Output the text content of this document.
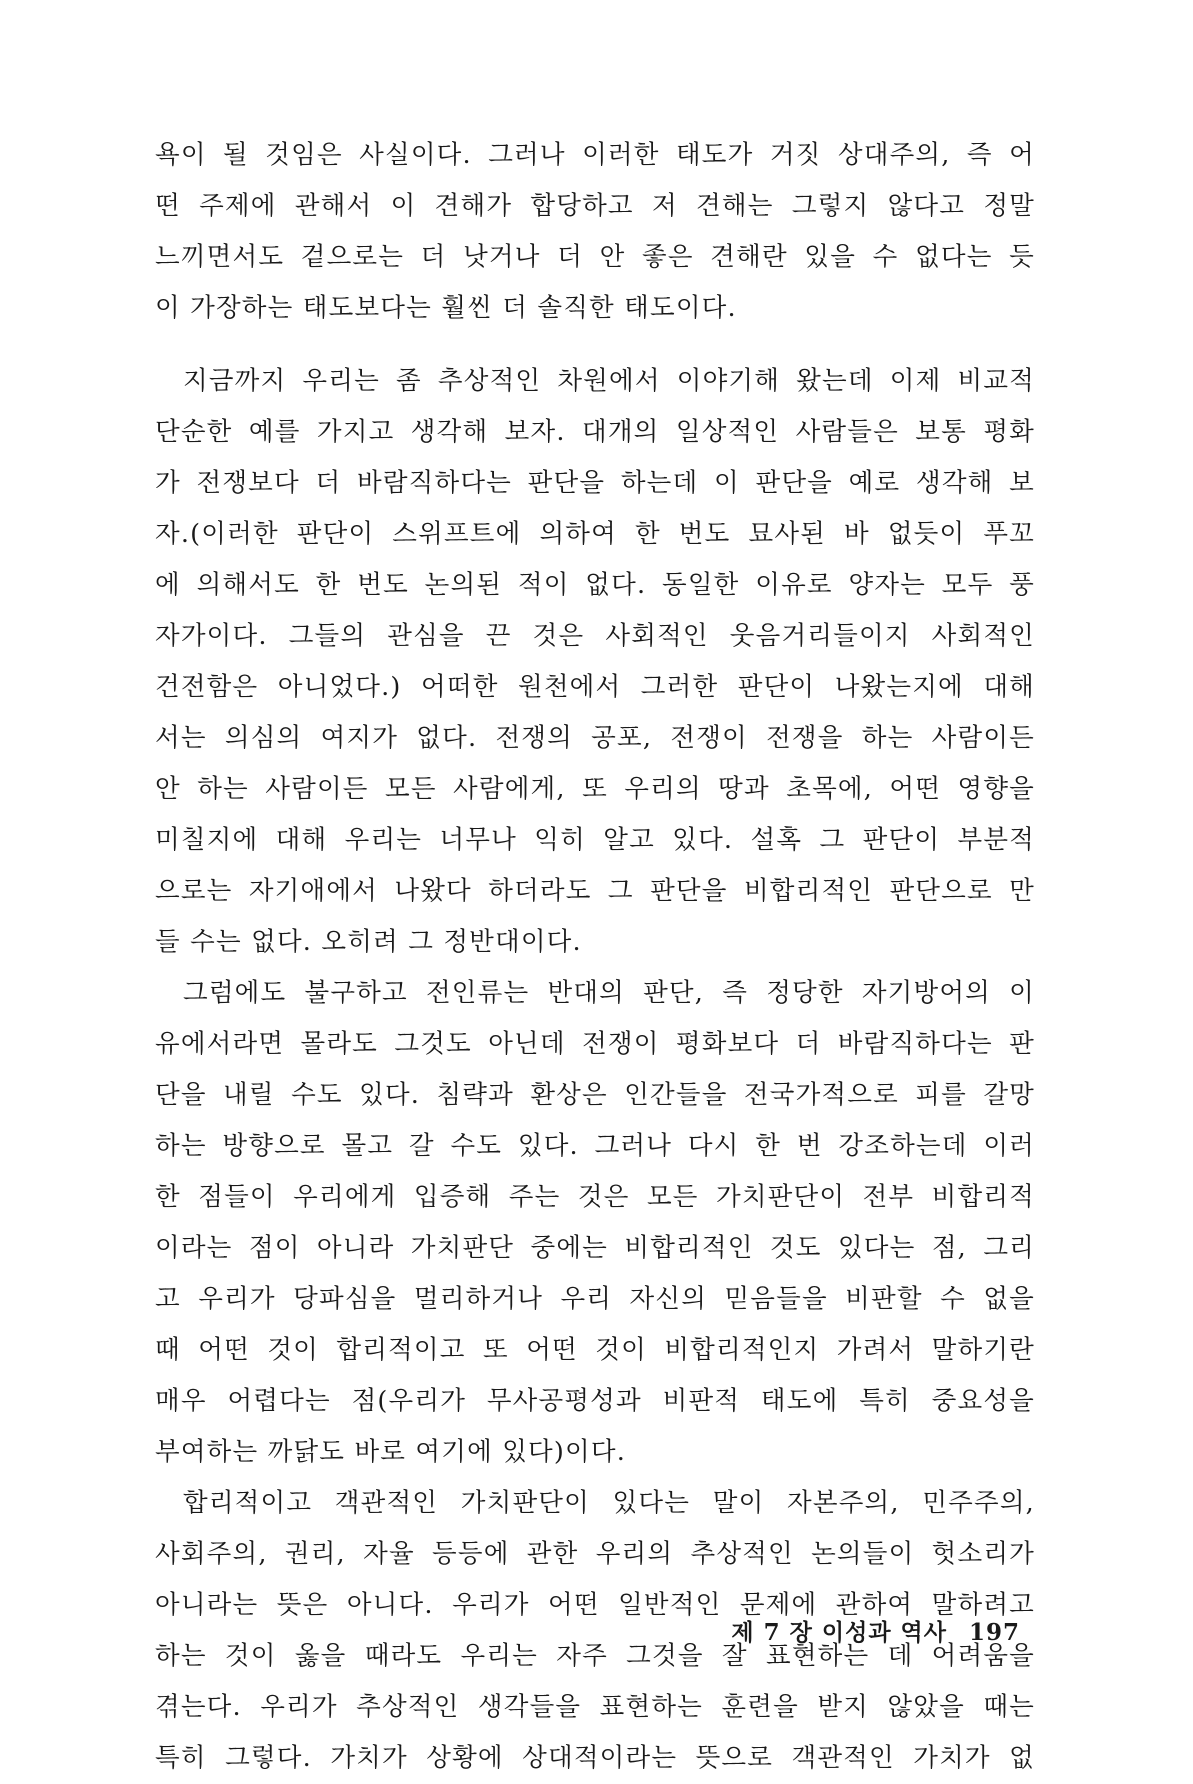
욕이 될 것임은 사실이다. 그러나 이러한 태도가 거짓 상대주의, 즉 어
떤 주제에 관해서 이 견해가 합당하고 저 견해는 그렇지 않다고 정말
느끼면서도 겉으로는 더 낫거나 더 안 좋은 견해란 있을 수 없다는 듯
이 가장하는 태도보다는 훨씬 더 솔직한 태도이다.
지금까지 우리는 좀 추상적인 차원에서 이야기해 왔는데 이제 비교적
단순한 예를 가지고 생각해 보자. 대개의 일상적인 사람들은 보통 평화
가 전쟁보다 더 바람직하다는 판단을 하는데 이 판단을 예로 생각해 보
자.(이러한 판단이 스위프트에 의하여 한 번도 묘사된 바 없듯이 푸꼬
에 의해서도 한 번도 논의된 적이 없다. 동일한 이유로 양자는 모두 풍
자가이다. 그들의 관심을 끈 것은 사회적인 웃음거리들이지 사회적인
건전함은 아니었다.) 어떠한 원천에서 그러한 판단이 나왔는지에 대해
서는 의심의 여지가 없다. 전쟁의 공포, 전쟁이 전쟁을 하는 사람이든
안 하는 사람이든 모든 사람에게, 또 우리의 땅과 초목에, 어떤 영향을
미칠지에 대해 우리는 너무나 익히 알고 있다. 설혹 그 판단이 부분적
으로는 자기애에서 나왔다 하더라도 그 판단을 비합리적인 판단으로 만
들 수는 없다. 오히려 그 정반대이다.
그럼에도 불구하고 전인류는 반대의 판단, 즉 정당한 자기방어의 이
유에서라면 몰라도 그것도 아닌데 전쟁이 평화보다 더 바람직하다는 판
단을 내릴 수도 있다. 침략과 환상은 인간들을 전국가적으로 피를 갈망
하는 방향으로 몰고 갈 수도 있다. 그러나 다시 한 번 강조하는데 이러
한 점들이 우리에게 입증해 주는 것은 모든 가치판단이 전부 비합리적
이라는 점이 아니라 가치판단 중에는 비합리적인 것도 있다는 점, 그리
고 우리가 당파심을 멀리하거나 우리 자신의 믿음들을 비판할 수 없을
때 어떤 것이 합리적이고 또 어떤 것이 비합리적인지 가려서 말하기란
매우 어렵다는 점(우리가 무사공평성과 비판적 태도에 특히 중요성을
부여하는 까닭도 바로 여기에 있다)이다.
합리적이고 객관적인 가치판단이 있다는 말이 자본주의, 민주주의,
사회주의, 권리, 자율 등등에 관한 우리의 추상적인 논의들이 헛소리가
아니라는 뜻은 아니다. 우리가 어떤 일반적인 문제에 관하여 말하려고
하는 것이 옳을 때라도 우리는 자주 그것을 잘 표현하는 데 어려움을
겪는다. 우리가 추상적인 생각들을 표현하는 훈련을 받지 않았을 때는
특히 그렇다. 가치가 상황에 상대적이라는 뜻으로 객관적인 가치가 없
제 7 장 이성과 역사 197
